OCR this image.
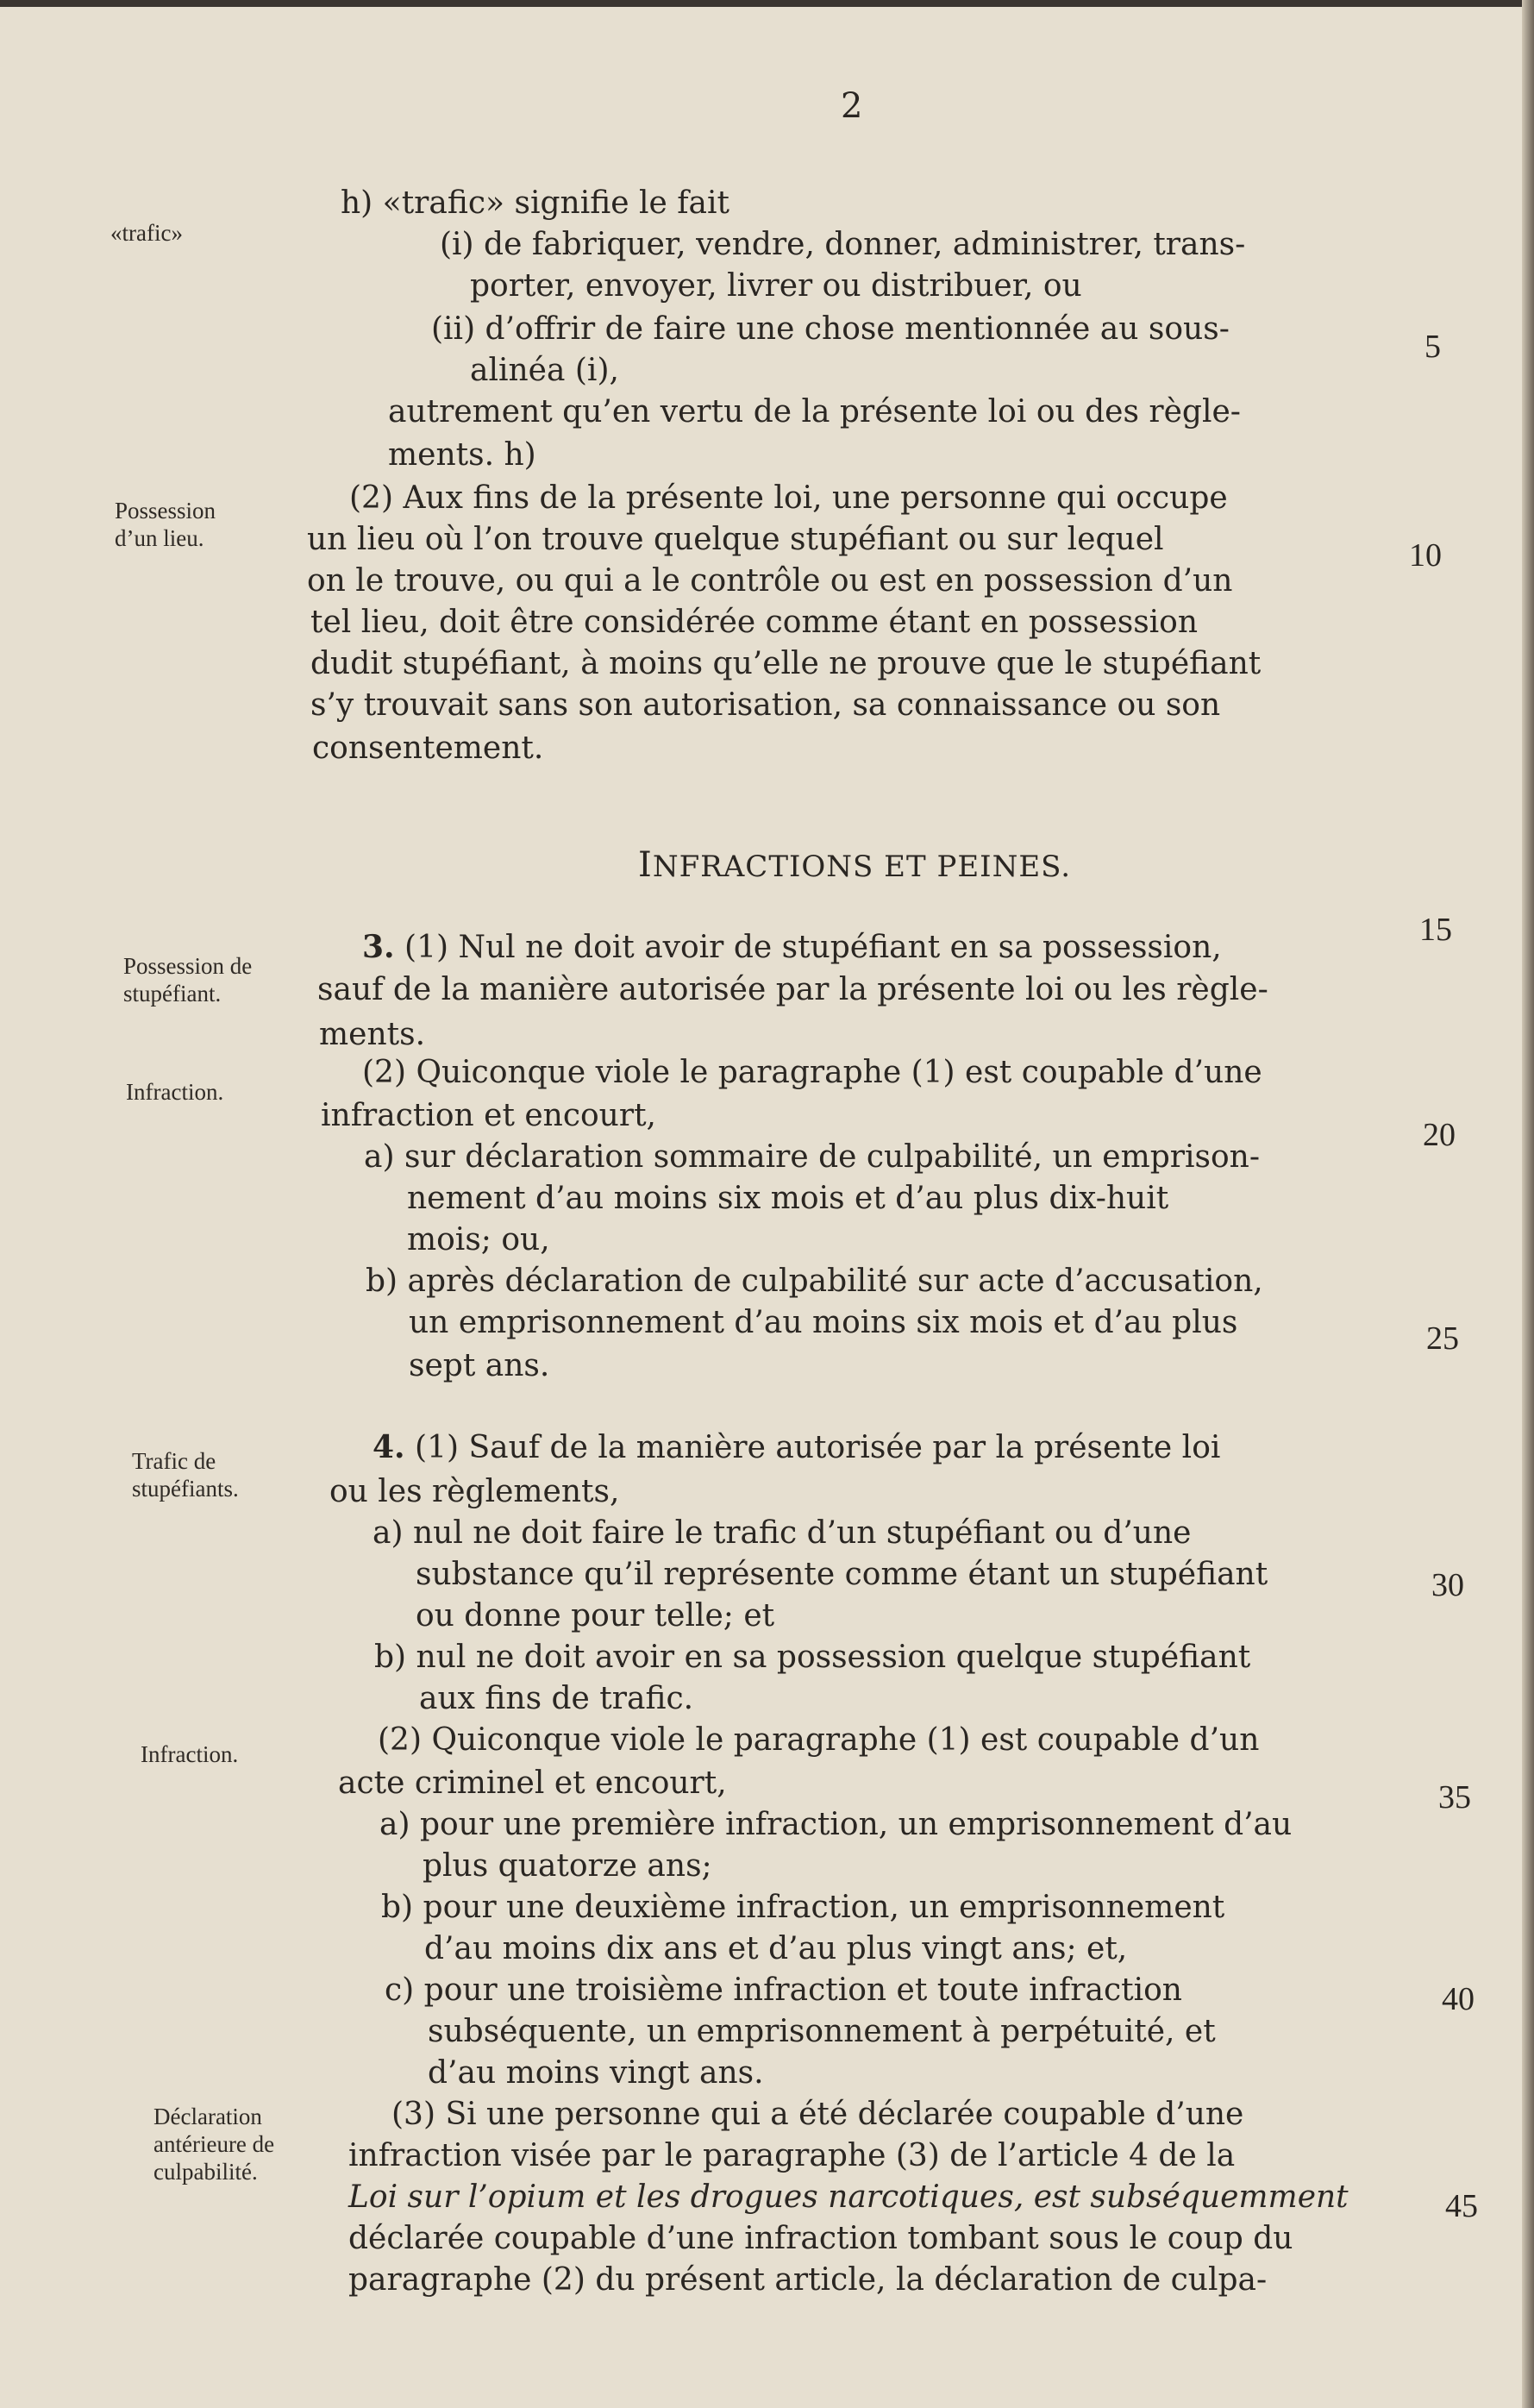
2
«trafic»
Possession
d’un lieu.
Possession de
stupéfiant.
Infraction.
Trafic de
stupéfiants.
Infraction.
Déclaration
antérieure de
culpabilité.
h) «trafic» signifie le fait
(i) de fabriquer, vendre, donner, administrer, trans-
porter, envoyer, livrer ou distribuer, ou
(ii) d’offrir de faire une chose mentionnée au sous-
alinéa (i),
autrement qu’en vertu de la présente loi ou des règle-
ments. h)
(2) Aux fins de la présente loi, une personne qui occupe
un lieu où l’on trouve quelque stupéfiant ou sur lequel
on le trouve, ou qui a le contrôle ou est en possession d’un
tel lieu, doit être considérée comme étant en possession
dudit stupéfiant, à moins qu’elle ne prouve que le stupéfiant
s’y trouvait sans son autorisation, sa connaissance ou son
consentement.
INFRACTIONS ET PEINES.
3. (1) Nul ne doit avoir de stupéfiant en sa possession,
sauf de la manière autorisée par la présente loi ou les règle-
ments.
(2) Quiconque viole le paragraphe (1) est coupable d’une
infraction et encourt,
a) sur déclaration sommaire de culpabilité, un emprison-
nement d’au moins six mois et d’au plus dix-huit
mois; ou,
b) après déclaration de culpabilité sur acte d’accusation,
un emprisonnement d’au moins six mois et d’au plus
sept ans.
4. (1) Sauf de la manière autorisée par la présente loi
ou les règlements,
a) nul ne doit faire le trafic d’un stupéfiant ou d’une
substance qu’il représente comme étant un stupéfiant
ou donne pour telle; et
b) nul ne doit avoir en sa possession quelque stupéfiant
aux fins de trafic.
(2) Quiconque viole le paragraphe (1) est coupable d’un
acte criminel et encourt,
a) pour une première infraction, un emprisonnement d’au
plus quatorze ans;
b) pour une deuxième infraction, un emprisonnement
d’au moins dix ans et d’au plus vingt ans; et,
c) pour une troisième infraction et toute infraction
subséquente, un emprisonnement à perpétuité, et
d’au moins vingt ans.
(3) Si une personne qui a été déclarée coupable d’une
infraction visée par le paragraphe (3) de l’article 4 de la
Loi sur l’opium et les drogues narcotiques, est subséquemment
déclarée coupable d’une infraction tombant sous le coup du
paragraphe (2) du présent article, la déclaration de culpa-
5
10
15
20
25
30
35
40
45
